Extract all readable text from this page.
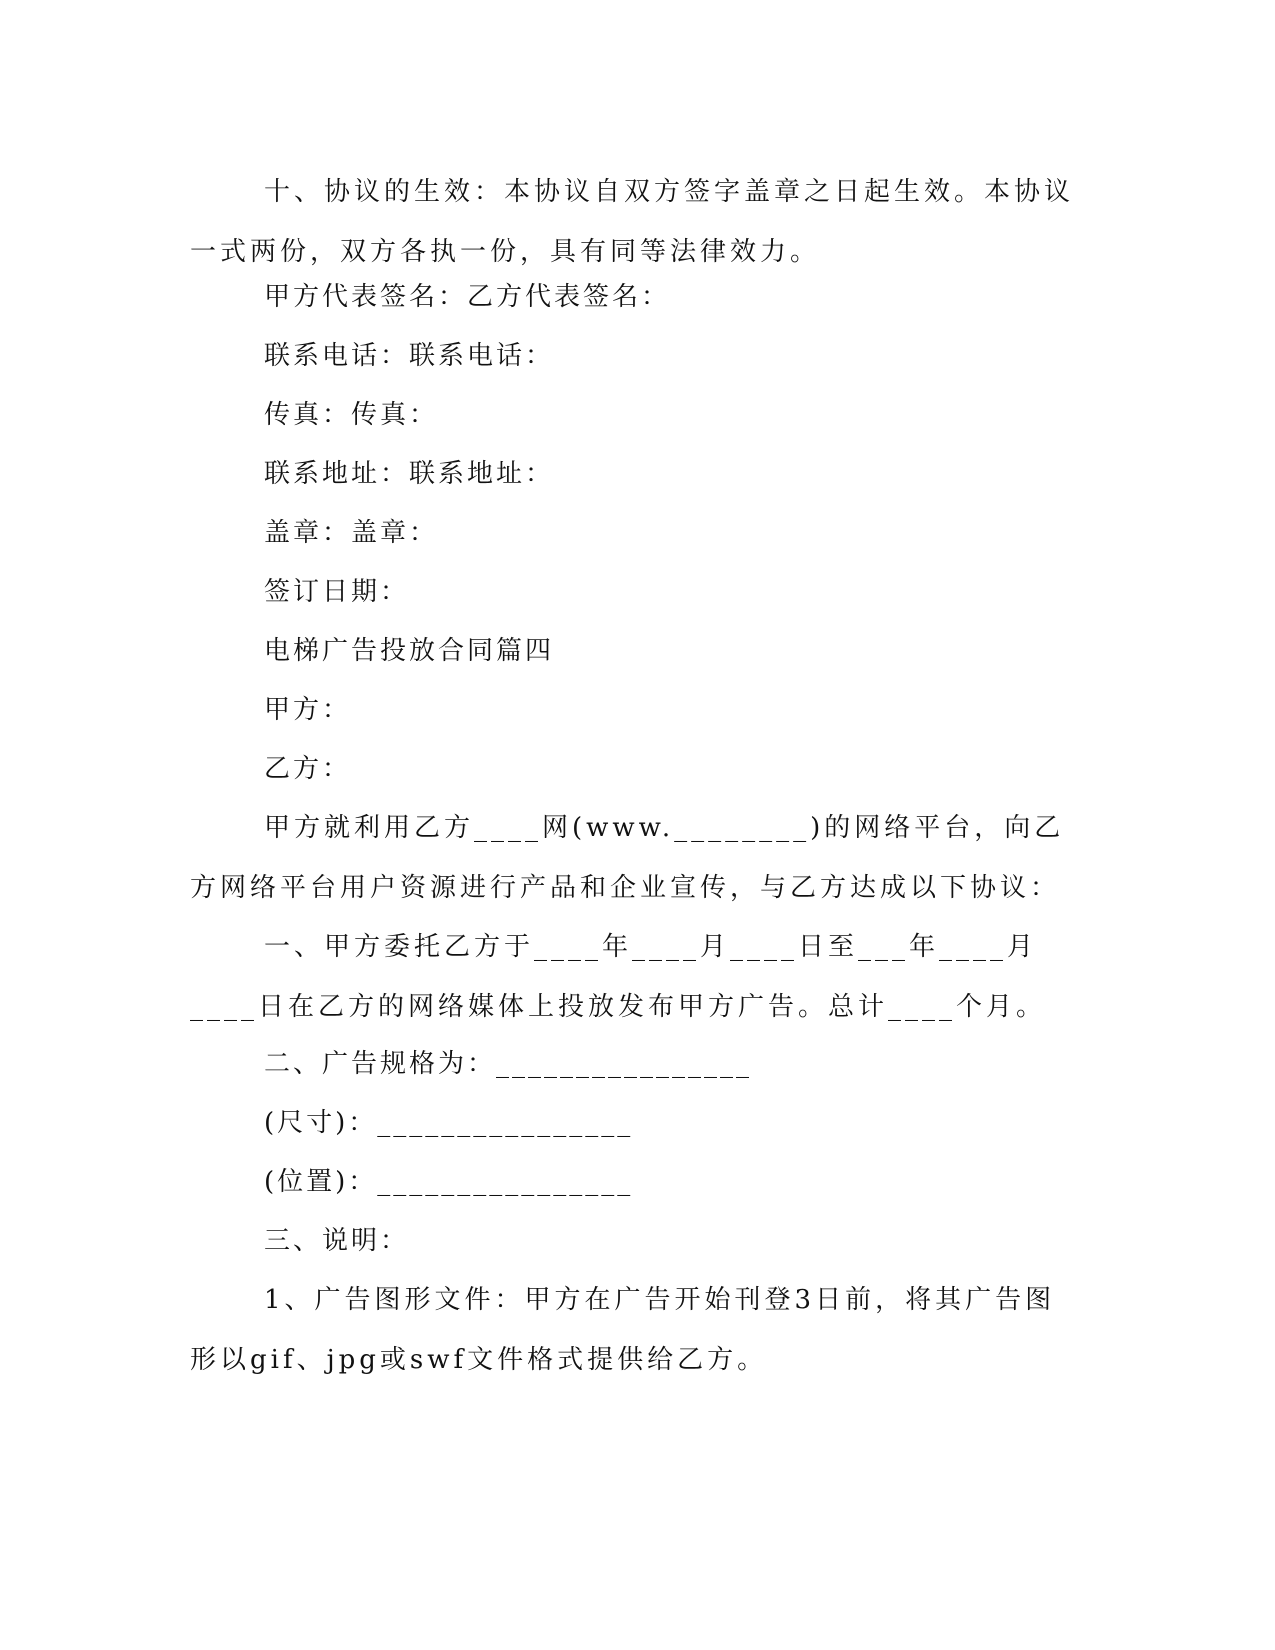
十、协议的生效：本协议自双方签字盖章之日起生效。本协议一式两份，双方各执一份，具有同等法律效力。
甲方代表签名：乙方代表签名：
联系电话：联系电话：
传真：传真：
联系地址：联系地址：
盖章：盖章：
签订日期：
电梯广告投放合同篇四
甲方：
乙方：
甲方就利用乙方____网(www.________)的网络平台，向乙方网络平台用户资源进行产品和企业宣传，与乙方达成以下协议：
一、甲方委托乙方于____年____月____日至___年____月____日在乙方的网络媒体上投放发布甲方广告。总计____个月。
二、广告规格为：________________
(尺寸)：________________
(位置)：________________
三、说明：
1、广告图形文件：甲方在广告开始刊登3日前，将其广告图形以gif、jpg或swf文件格式提供给乙方。
